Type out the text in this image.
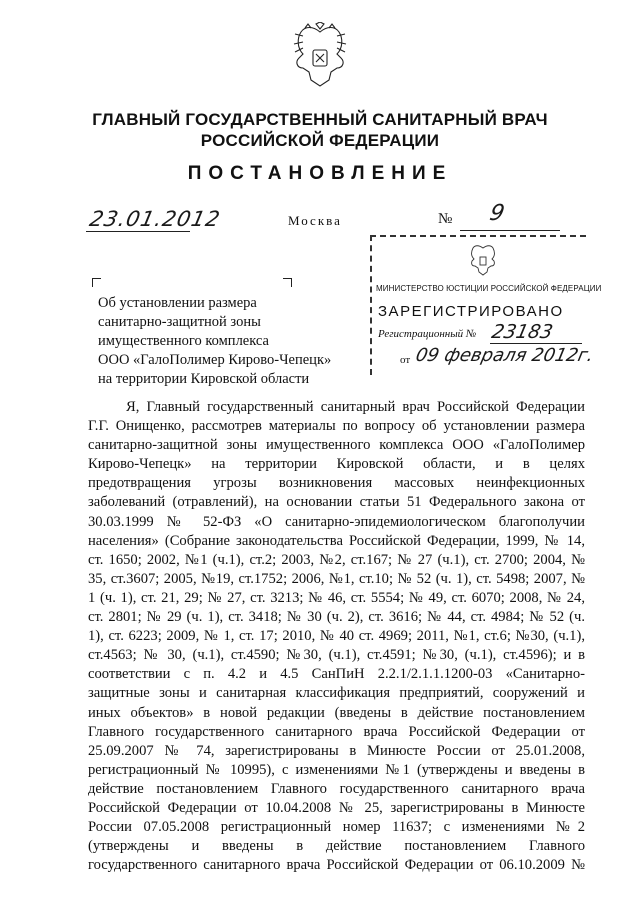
ГЛАВНЫЙ ГОСУДАРСТВЕННЫЙ САНИТАРНЫЙ ВРАЧ
РОССИЙСКОЙ ФЕДЕРАЦИИ
ПОСТАНОВЛЕНИЕ
23.01.2012	Москва	№ 9
МИНИСТЕРСТВО ЮСТИЦИИ РОССИЙСКОЙ ФЕДЕРАЦИИ
ЗАРЕГИСТРИРОВАНО
Регистрационный № 23183
от 09 февраля 2012г.
Об установлении размера
санитарно-защитной зоны
имущественного комплекса
ООО «ГалоПолимер Кирово-Чепецк»
на территории Кировской области
Я, Главный государственный санитарный врач Российской Федерации
Г.Г. Онищенко, рассмотрев материалы по вопросу об установлении размера
санитарно-защитной зоны имущественного комплекса ООО «ГалоПолимер
Кирово-Чепецк» на территории Кировской области, и в целях
предотвращения угрозы возникновения массовых неинфекционных
заболеваний (отравлений), на основании статьи 51 Федерального закона от
30.03.1999 № 52-ФЗ «О санитарно-эпидемиологическом благополучии
населения» (Собрание законодательства Российской Федерации, 1999, № 14,
ст. 1650; 2002, №1 (ч.1), ст.2; 2003, №2, ст.167; № 27 (ч.1), ст. 2700; 2004, №
35, ст.3607; 2005, №19, ст.1752; 2006, №1, ст.10; № 52 (ч. 1), ст. 5498; 2007, №
1 (ч. 1), ст. 21, 29; № 27, ст. 3213; № 46, ст. 5554; № 49, ст. 6070; 2008, № 24,
ст. 2801; № 29 (ч. 1), ст. 3418; № 30 (ч. 2), ст. 3616; № 44, ст. 4984; № 52 (ч.
1), ст. 6223; 2009, № 1, ст. 17; 2010, № 40 ст. 4969; 2011, №1, ст.6; №30, (ч.1),
ст.4563; № 30, (ч.1), ст.4590; №30, (ч.1), ст.4591; №30, (ч.1), ст.4596); и в
соответствии с п. 4.2 и 4.5 СанПиН 2.2.1/2.1.1.1200-03 «Санитарно-
защитные зоны и санитарная классификация предприятий, сооружений и
иных объектов» в новой редакции (введены в действие постановлением
Главного государственного санитарного врача Российской Федерации от
25.09.2007 № 74, зарегистрированы в Минюсте России от 25.01.2008,
регистрационный № 10995), с изменениями №1 (утверждены и введены в
действие постановлением Главного государственного санитарного врача
Российской Федерации от 10.04.2008 № 25, зарегистрированы в Минюсте
России 07.05.2008 регистрационный номер 11637; с изменениями №2
(утверждены и введены в действие постановлением Главного
государственного санитарного врача Российской Федерации от 06.10.2009 №
